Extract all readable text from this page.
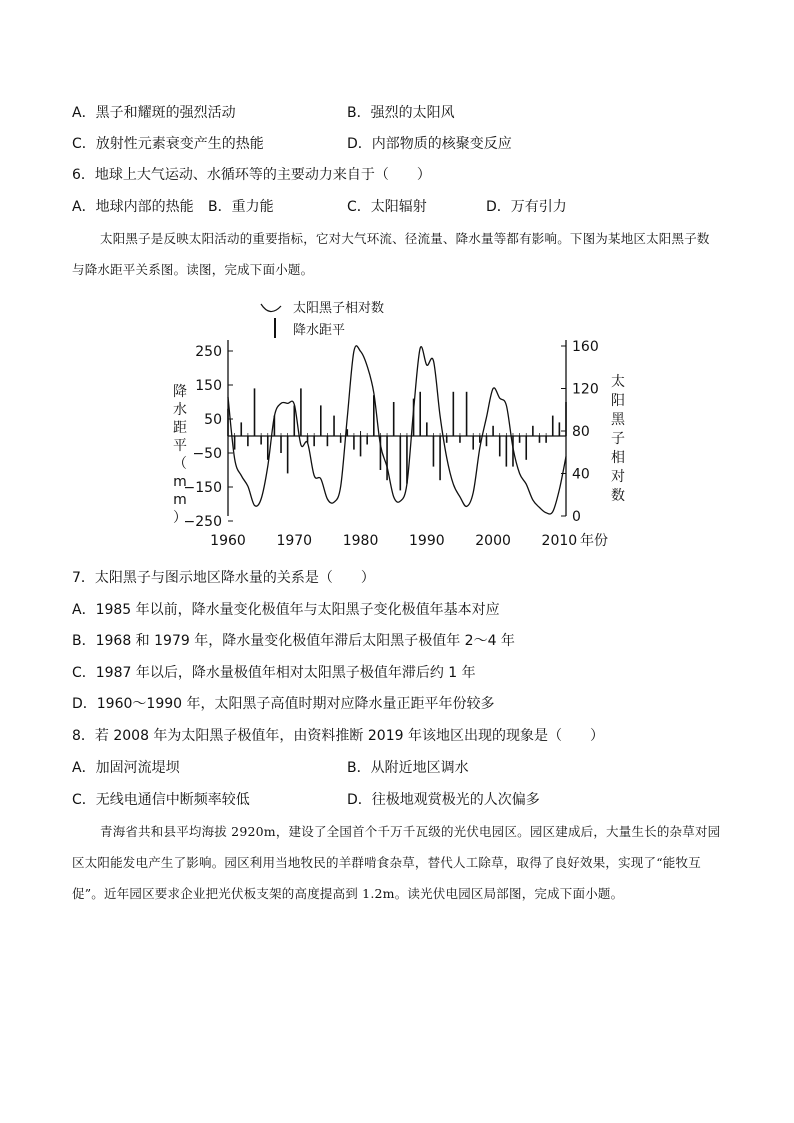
A．黑子和耀斑的强烈活动	B．强烈的太阳风
C．放射性元素衰变产生的热能	D．内部物质的核聚变反应
6．地球上大气运动、水循环等的主要动力来自于（　　）
A．地球内部的热能 B．重力能	C．太阳辐射	D．万有引力

太阳黑子是反映太阳活动的重要指标，它对大气环流、径流量、降水量等都有影响。下图为某地区太阳黑子数与降水距平关系图。读图，完成下面小题。

太阳黑子相对数
降水距平
250
150
50
−50
−150
−250
160
120
80
40
0
1960 1970 1980 1990 2000 2010 年份
降水距平（ m m ）
太阳黑子相对数
7．太阳黑子与图示地区降水量的关系是（　　）
A．1985 年以前，降水量变化极值年与太阳黑子变化极值年基本对应
B．1968 和 1979 年，降水量变化极值年滞后太阳黑子极值年 2～4 年
C．1987 年以后，降水量极值年相对太阳黑子极值年滞后约 1 年
D．1960～1990 年，太阳黑子高值时期对应降水量正距平年份较多
8．若 2008 年为太阳黑子极值年，由资料推断 2019 年该地区出现的现象是（　　）
A．加固河流堤坝	B．从附近地区调水
C．无线电通信中断频率较低	D．往极地观赏极光的人次偏多

青海省共和县平均海拔 2920m，建设了全国首个千万千瓦级的光伏电园区。园区建成后，大量生长的杂草对园区太阳能发电产生了影响。园区利用当地牧民的羊群啃食杂草，替代人工除草，取得了良好效果，实现了“能牧互促”。近年园区要求企业把光伏板支架的高度提高到 1.2m。读光伏电园区局部图，完成下面小题。
